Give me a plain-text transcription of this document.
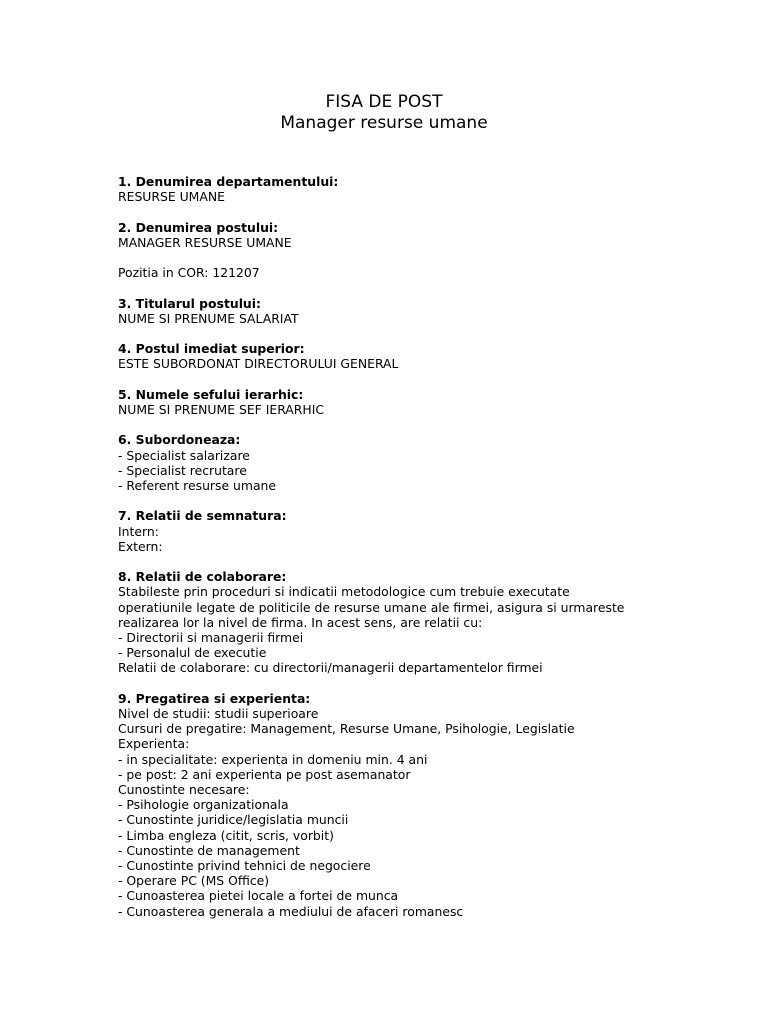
FISA DE POST
Manager resurse umane
1. Denumirea departamentului:
RESURSE UMANE
2. Denumirea postului:
MANAGER RESURSE UMANE
Pozitia in COR: 121207
3. Titularul postului:
NUME SI PRENUME SALARIAT
4. Postul imediat superior:
ESTE SUBORDONAT DIRECTORULUI GENERAL
5. Numele sefului ierarhic:
NUME SI PRENUME SEF IERARHIC
6. Subordoneaza:
- Specialist salarizare
- Specialist recrutare
- Referent resurse umane
7. Relatii de semnatura:
Intern:
Extern:
8. Relatii de colaborare:
Stabileste prin proceduri si indicatii metodologice cum trebuie executate
operatiunile legate de politicile de resurse umane ale firmei, asigura si urmareste
realizarea lor la nivel de firma. In acest sens, are relatii cu:
- Directorii si managerii firmei
- Personalul de executie
Relatii de colaborare: cu directorii/managerii departamentelor firmei
9. Pregatirea si experienta:
Nivel de studii: studii superioare
Cursuri de pregatire: Management, Resurse Umane, Psihologie, Legislatie
Experienta:
- in specialitate: experienta in domeniu min. 4 ani
- pe post: 2 ani experienta pe post asemanator
Cunostinte necesare:
- Psihologie organizationala
- Cunostinte juridice/legislatia muncii
- Limba engleza (citit, scris, vorbit)
- Cunostinte de management
- Cunostinte privind tehnici de negociere
- Operare PC (MS Office)
- Cunoasterea pietei locale a fortei de munca
- Cunoasterea generala a mediului de afaceri romanesc
